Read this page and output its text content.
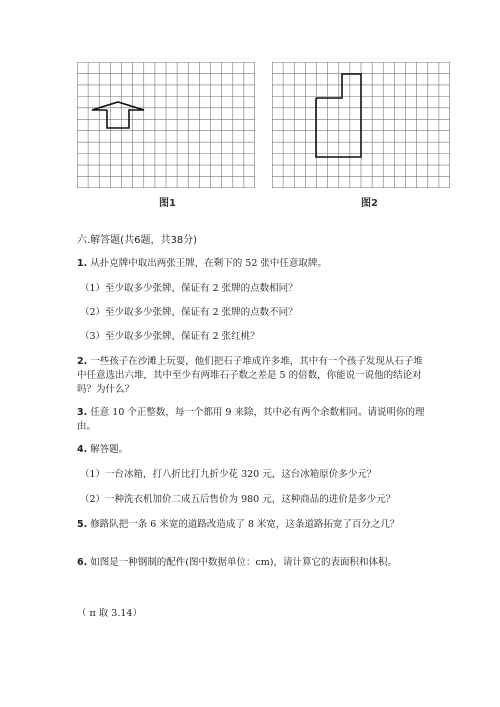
图1	图2
六.解答题(共6题，共38分)
1. 从扑克牌中取出两张王牌，在剩下的 52 张中任意取牌。
（1）至少取多少张牌，保证有 2 张牌的点数相同？
（2）至少取多少张牌，保证有 2 张牌的点数不同？
（3）至少取多少张牌，保证有 2 张红桃？
2. 一些孩子在沙滩上玩耍，他们把石子堆成许多堆，其中有一个孩子发现从石子堆中任意选出六堆，其中至少有两堆石子数之差是 5 的倍数，你能说一说他的结论对吗？为什么？
3. 任意 10 个正整数，每一个都用 9 来除，其中必有两个余数相同。请说明你的理由。
4. 解答题。
（1）一台冰箱，打八折比打九折少花 320 元，这台冰箱原价多少元？
（2）一种洗衣机加价二成五后售价为 980 元，这种商品的进价是多少元？
5. 修路队把一条 6 米宽的道路改造成了 8 米宽，这条道路拓宽了百分之几？
6. 如图是一种钢制的配件(图中数据单位：cm)，请计算它的表面积和体积。
（ π 取 3.14）
